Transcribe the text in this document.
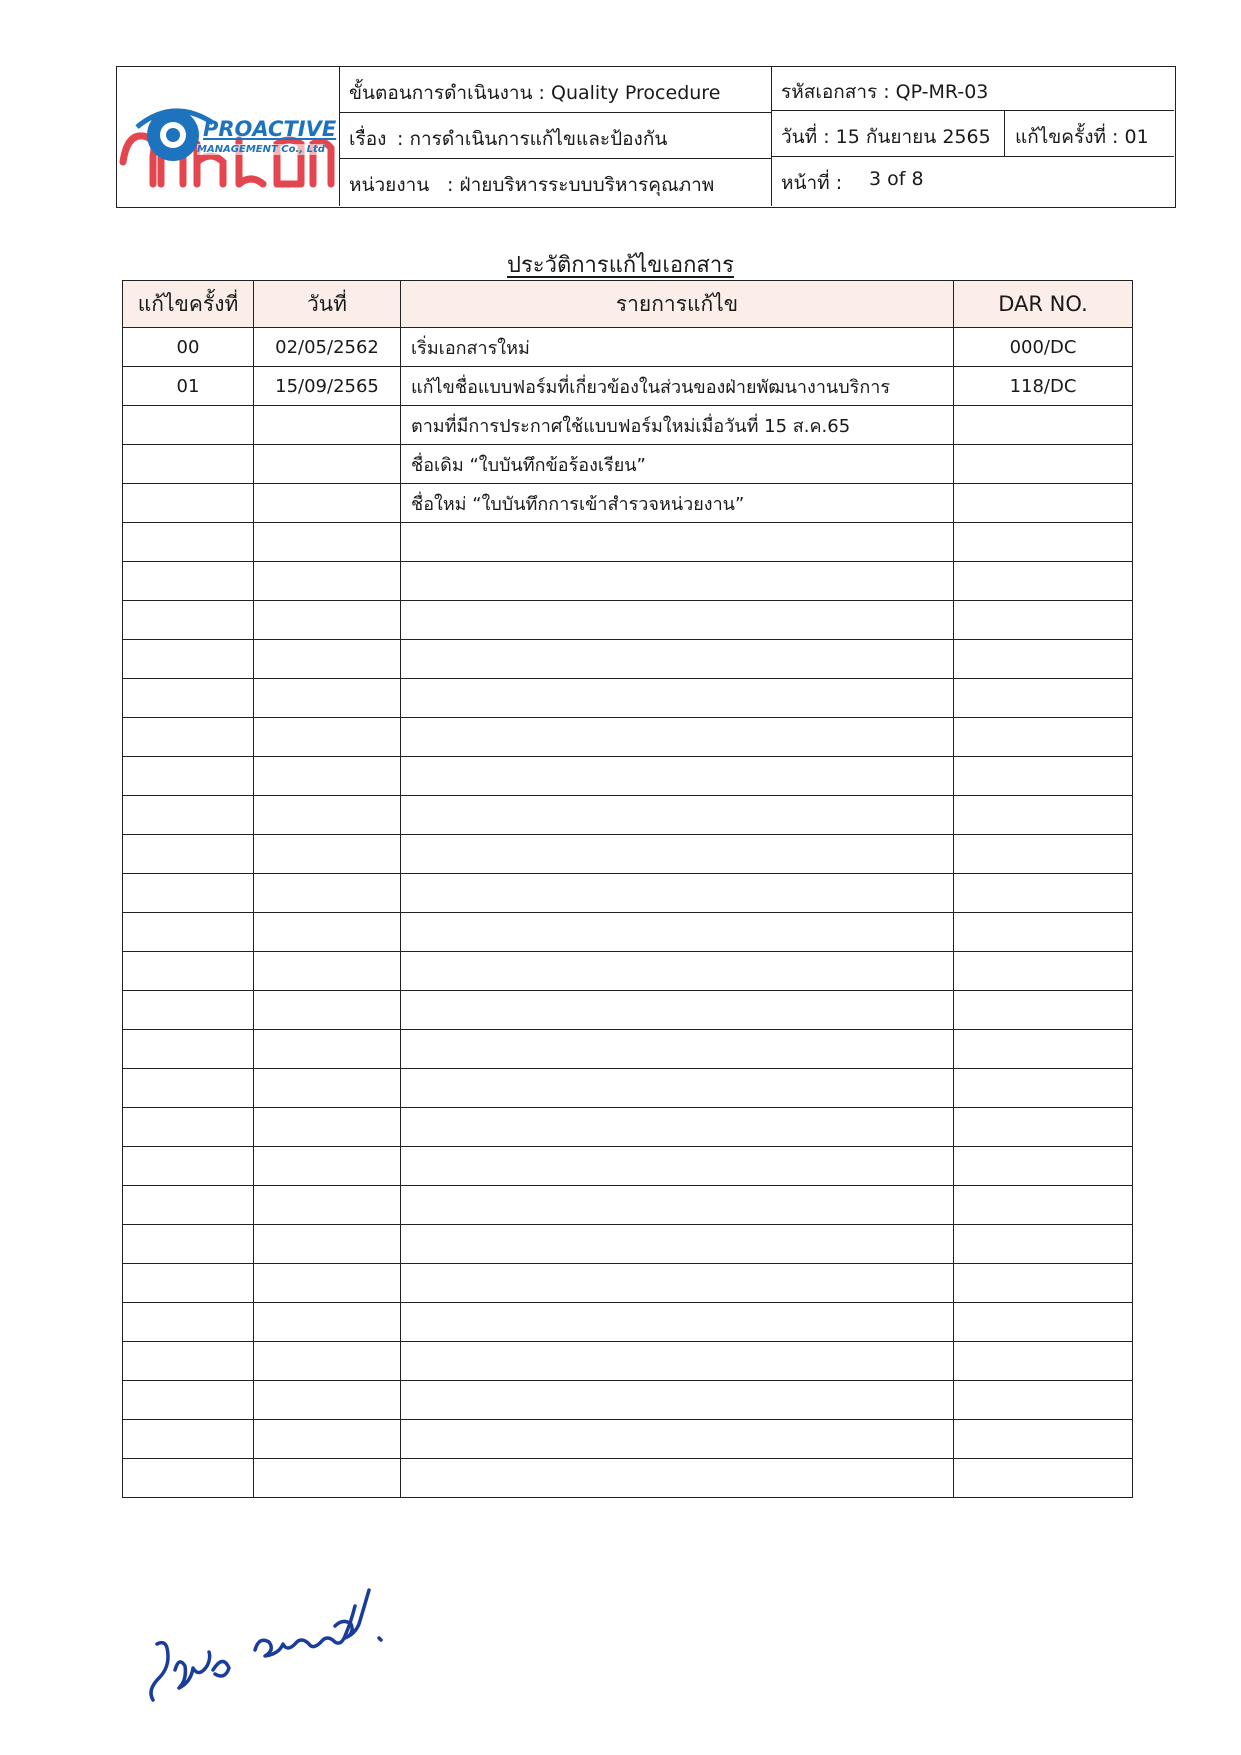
PROACTIVE
MANAGEMENT Co., Ltd
ขั้นตอนการดำเนินงาน : Quality Procedure
เรื่อง : การดำเนินการแก้ไขและป้องกัน
หน่วยงาน : ฝ่ายบริหารระบบบริหารคุณภาพ
รหัสเอกสาร : QP-MR-03
วันที่ : 15 กันยายน 2565 แก้ไขครั้งที่ : 01
หน้าที่ : 3 of 8
ประวัติการแก้ไขเอกสาร
แก้ไขครั้งที่	วันที่	รายการแก้ไข	DAR NO.
00	02/05/2562	เริ่มเอกสารใหม่	000/DC
01	15/09/2565	แก้ไขชื่อแบบฟอร์มที่เกี่ยวข้องในส่วนของฝ่ายพัฒนางานบริการ	118/DC
		ตามที่มีการประกาศใช้แบบฟอร์มใหม่เมื่อวันที่ 15 ส.ค.65	
		ชื่อเดิม “ใบบันทึกข้อร้องเรียน”	
		ชื่อใหม่ “ใบบันทึกการเข้าสำรวจหน่วยงาน”	
